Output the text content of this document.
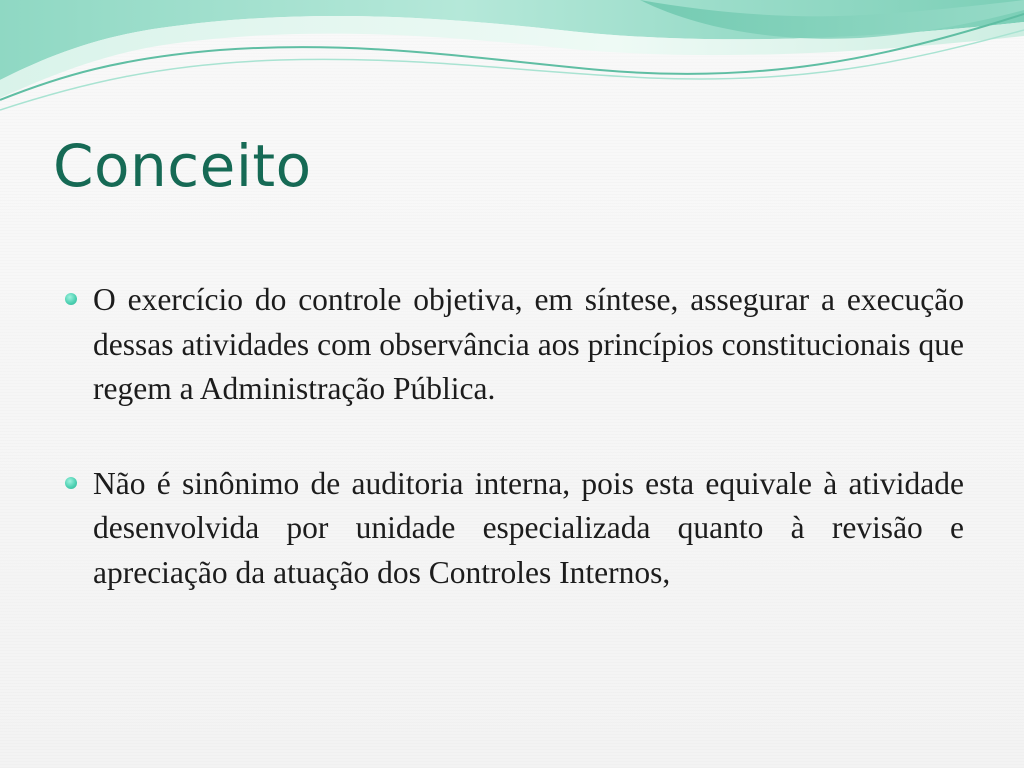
Conceito
O exercício do controle objetiva, em síntese, assegurar a execução dessas atividades com observância aos princípios constitucionais que regem a Administração Pública.
Não é sinônimo de auditoria interna, pois esta equivale à atividade desenvolvida por unidade especializada quanto à revisão e apreciação da atuação dos Controles Internos,
